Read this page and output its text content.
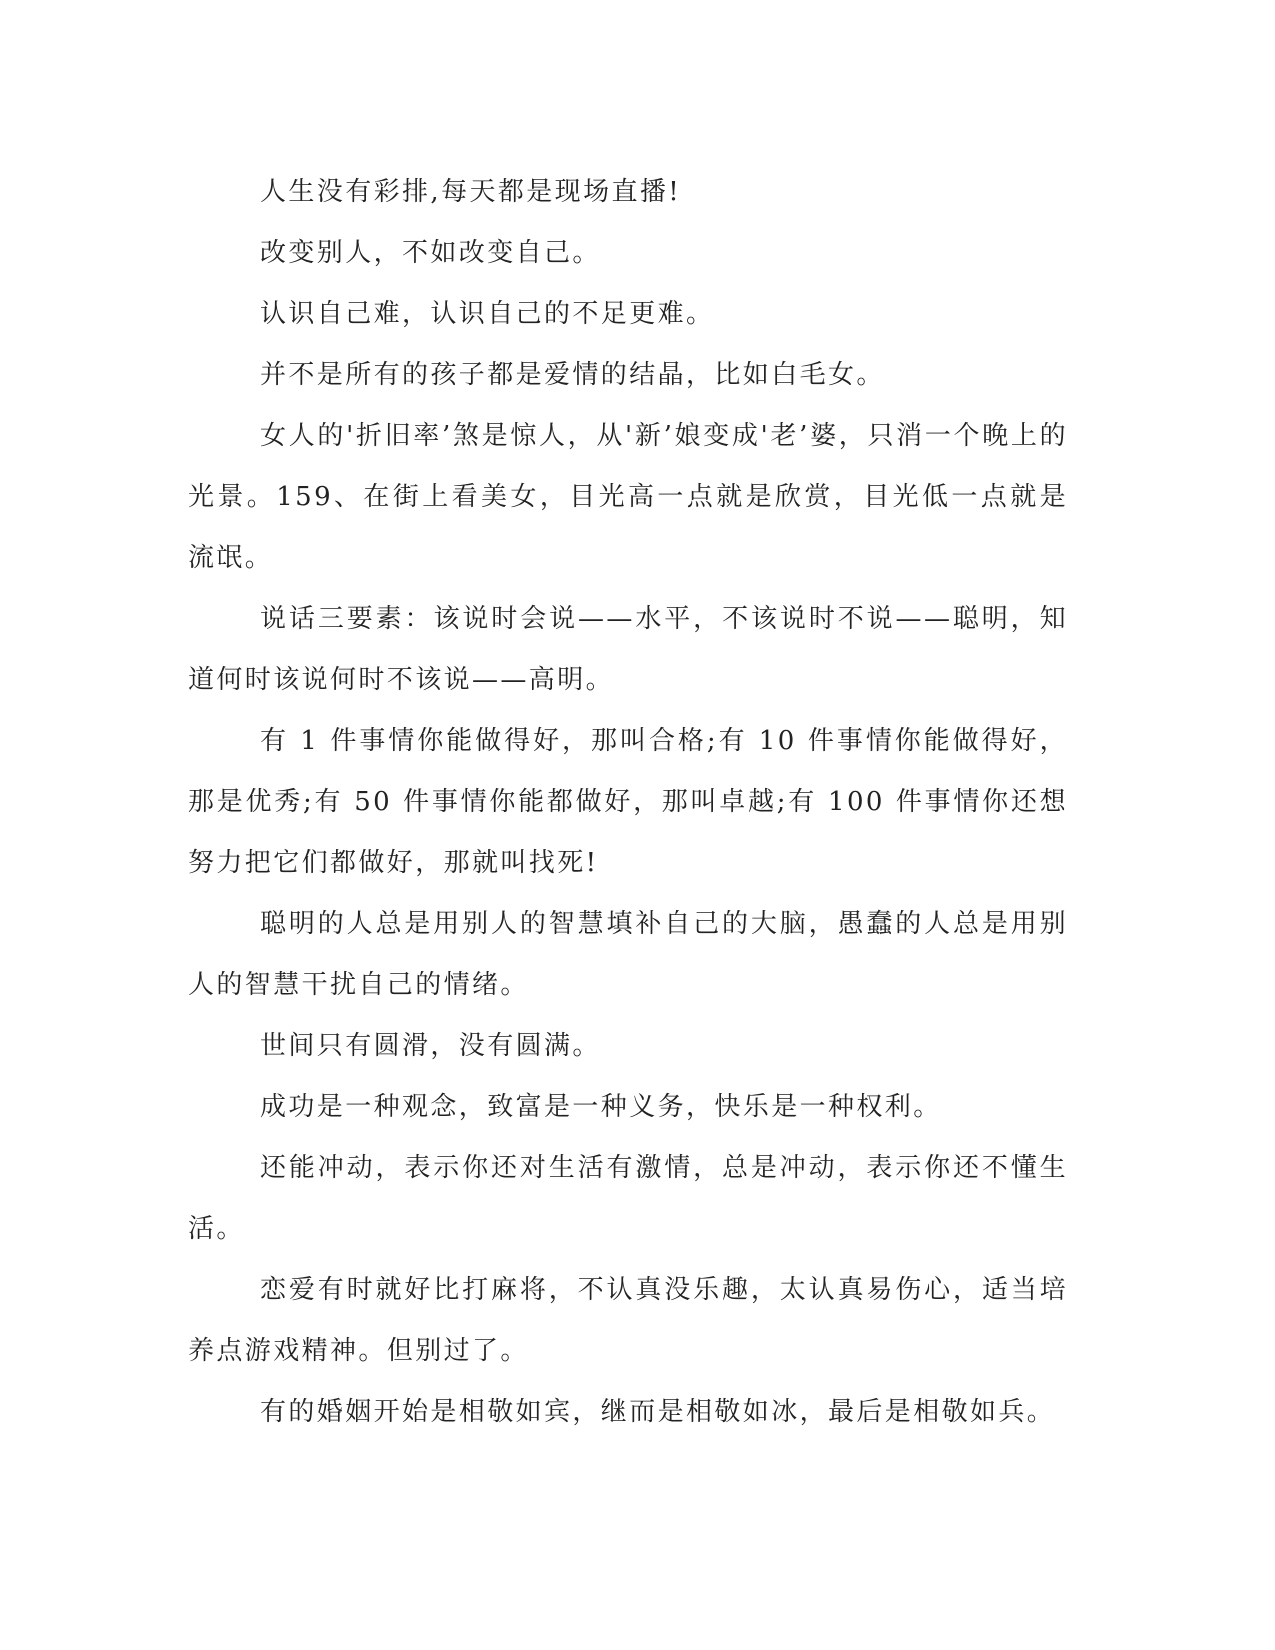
人生没有彩排,每天都是现场直播!

改变别人，不如改变自己。

认识自己难，认识自己的不足更难。

并不是所有的孩子都是爱情的结晶，比如白毛女。

女人的'折旧率’煞是惊人，从'新’娘变成'老’婆，只消一个晚上的光景。159、在街上看美女，目光高一点就是欣赏，目光低一点就是流氓。

说话三要素：该说时会说——水平，不该说时不说——聪明，知道何时该说何时不该说——高明。

有 1 件事情你能做得好，那叫合格;有 10 件事情你能做得好，那是优秀;有 50 件事情你能都做好，那叫卓越;有 100 件事情你还想努力把它们都做好，那就叫找死!

聪明的人总是用别人的智慧填补自己的大脑，愚蠢的人总是用别人的智慧干扰自己的情绪。

世间只有圆滑，没有圆满。

成功是一种观念，致富是一种义务，快乐是一种权利。

还能冲动，表示你还对生活有激情，总是冲动，表示你还不懂生活。

恋爱有时就好比打麻将，不认真没乐趣，太认真易伤心，适当培养点游戏精神。但别过了。

有的婚姻开始是相敬如宾，继而是相敬如冰，最后是相敬如兵。
